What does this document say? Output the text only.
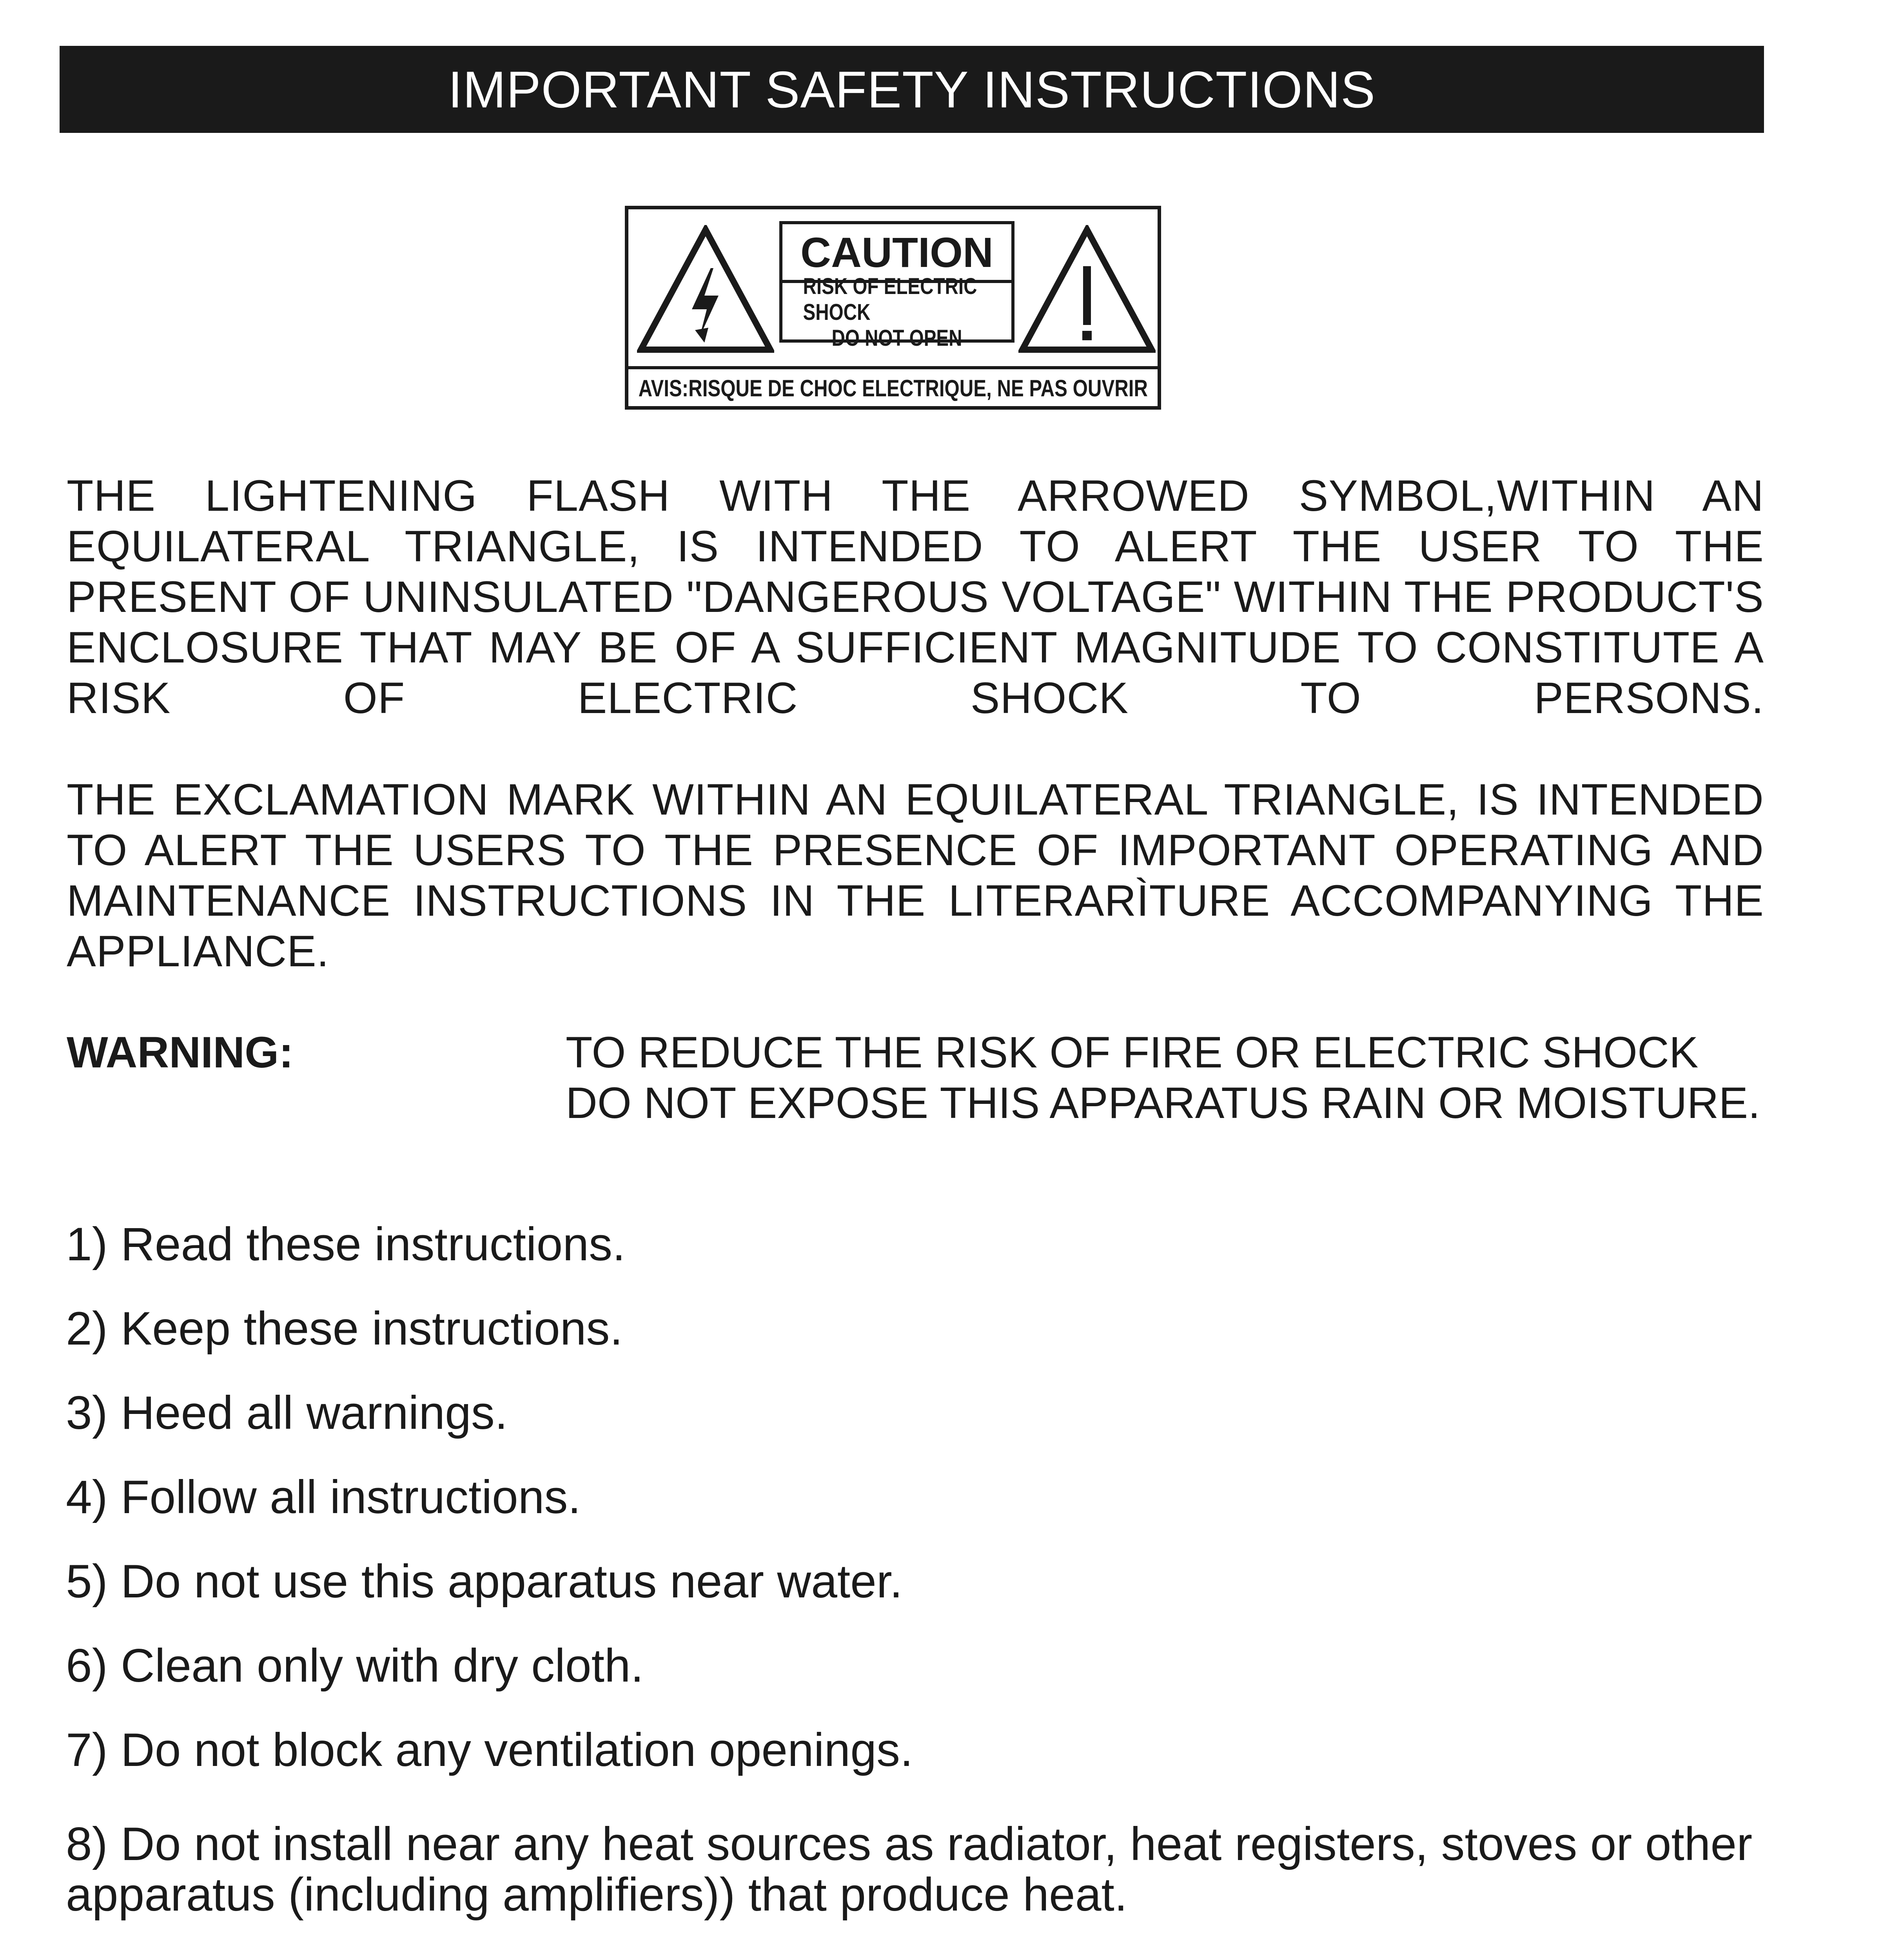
IMPORTANT SAFETY INSTRUCTIONS
CAUTION
RISK OF ELECTRIC SHOCK
DO NOT OPEN
AVIS:RISQUE DE CHOC ELECTRIQUE, NE PAS OUVRIR
THE LIGHTENING FLASH WITH THE ARROWED SYMBOL,WITHIN AN EQUILATERAL TRIANGLE, IS INTENDED TO ALERT THE USER TO THE PRESENT OF UNINSULATED "DANGEROUS VOLTAGE" WITHIN THE PRODUCT'S ENCLOSURE THAT MAY BE OF A SUFFICIENT MAGNITUDE TO CONSTITUTE A RISK OF ELECTRIC SHOCK TO PERSONS.
THE EXCLAMATION MARK WITHIN AN EQUILATERAL TRIANGLE, IS INTENDED TO ALERT THE USERS TO THE PRESENCE OF IMPORTANT OPERATING AND MAINTENANCE INSTRUCTIONS IN THE LITERARÌTURE ACCOMPANYING THE APPLIANCE.
WARNING:	TO REDUCE THE RISK OF FIRE OR ELECTRIC SHOCK DO NOT EXPOSE THIS APPARATUS RAIN OR MOISTURE.
1) Read these instructions.
2) Keep these instructions.
3) Heed all warnings.
4) Follow all instructions.
5) Do not use this apparatus near water.
6) Clean only with dry cloth.
7) Do not block any ventilation openings.
8) Do not install near any heat sources as radiator, heat registers, stoves or other apparatus (including amplifiers)) that produce heat.
